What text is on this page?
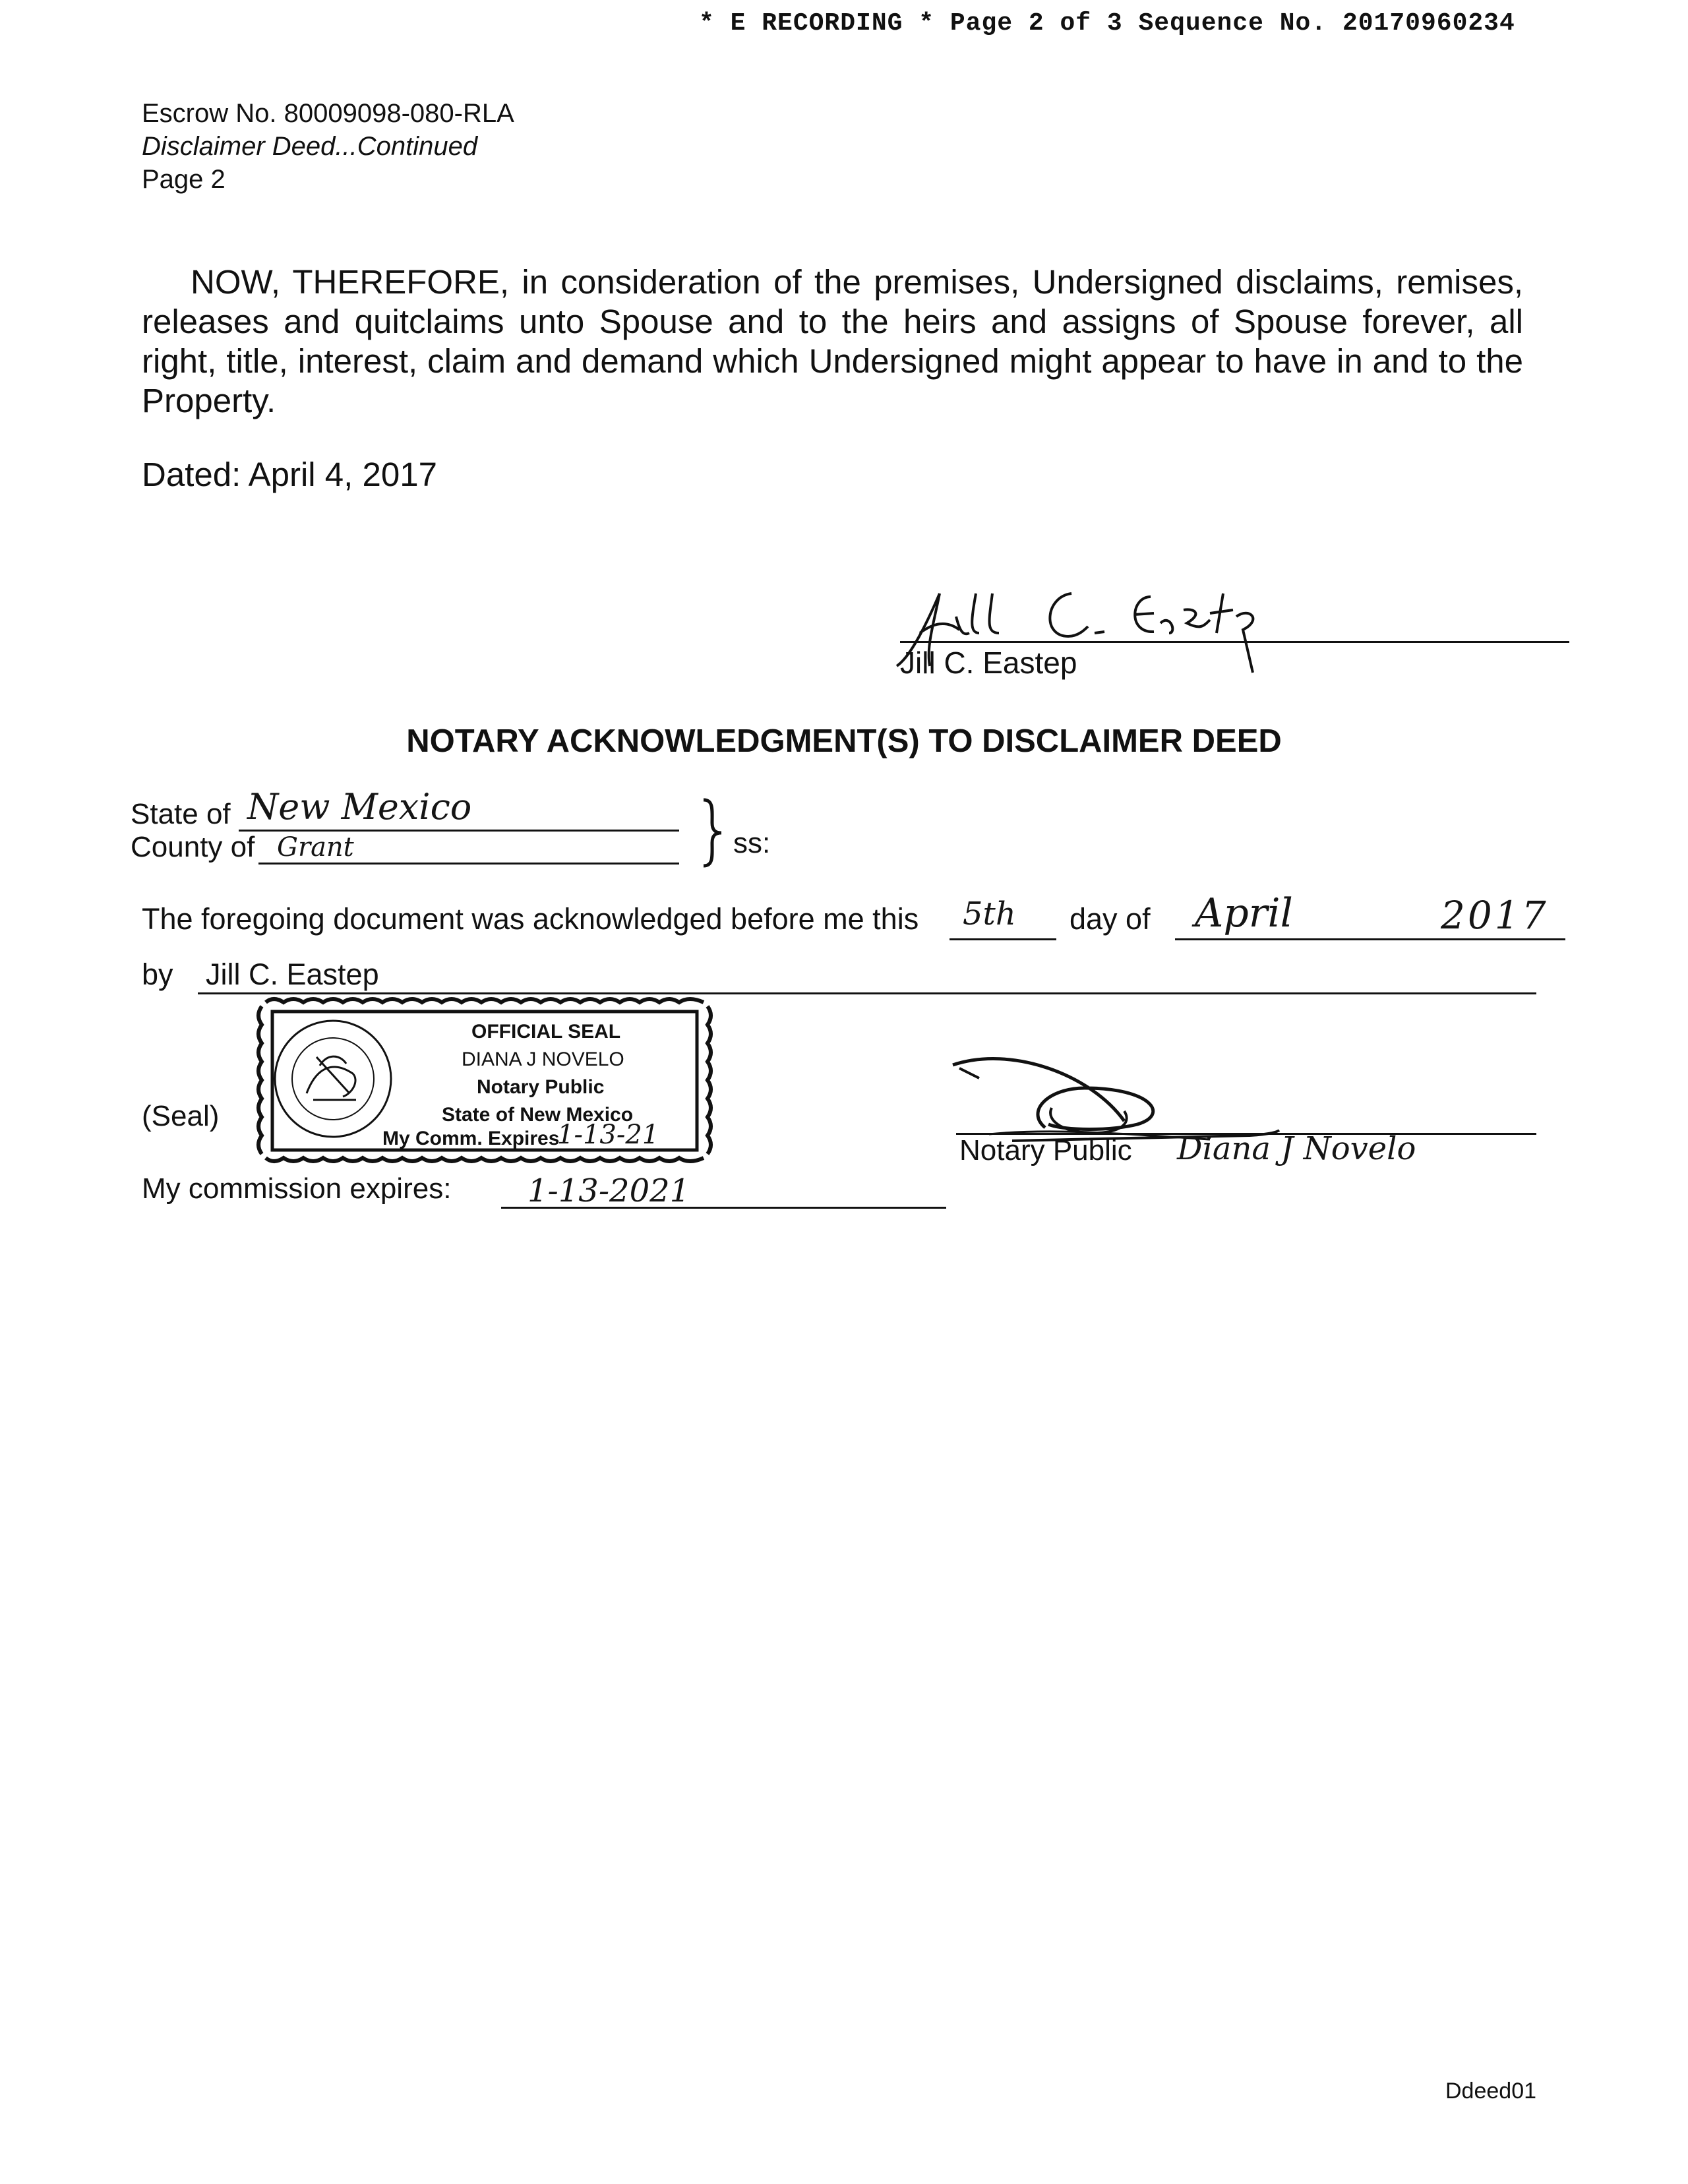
* E RECORDING * Page 2 of 3 Sequence No. 20170960234
Escrow No. 80009098-080-RLA
Disclaimer Deed...Continued
Page 2
NOW, THEREFORE, in consideration of the premises, Undersigned disclaims, remises, releases and quitclaims unto Spouse and to the heirs and assigns of Spouse forever, all right, title, interest, claim and demand which Undersigned might appear to have in and to the Property.
Dated: April 4, 2017
Jill C. Eastep
NOTARY ACKNOWLEDGMENT(S) TO DISCLAIMER DEED
State of New Mexico
County of Grant	ss:
The foregoing document was acknowledged before me this 5th day of April	2017
by Jill C. Eastep
(Seal)
OFFICIAL SEAL
DIANA J NOVELO
Notary Public
State of New Mexico
My Comm. Expires
1-13-21	Notary Public Diana J Novelo
My commission expires: 1-13-2021
Ddeed01
